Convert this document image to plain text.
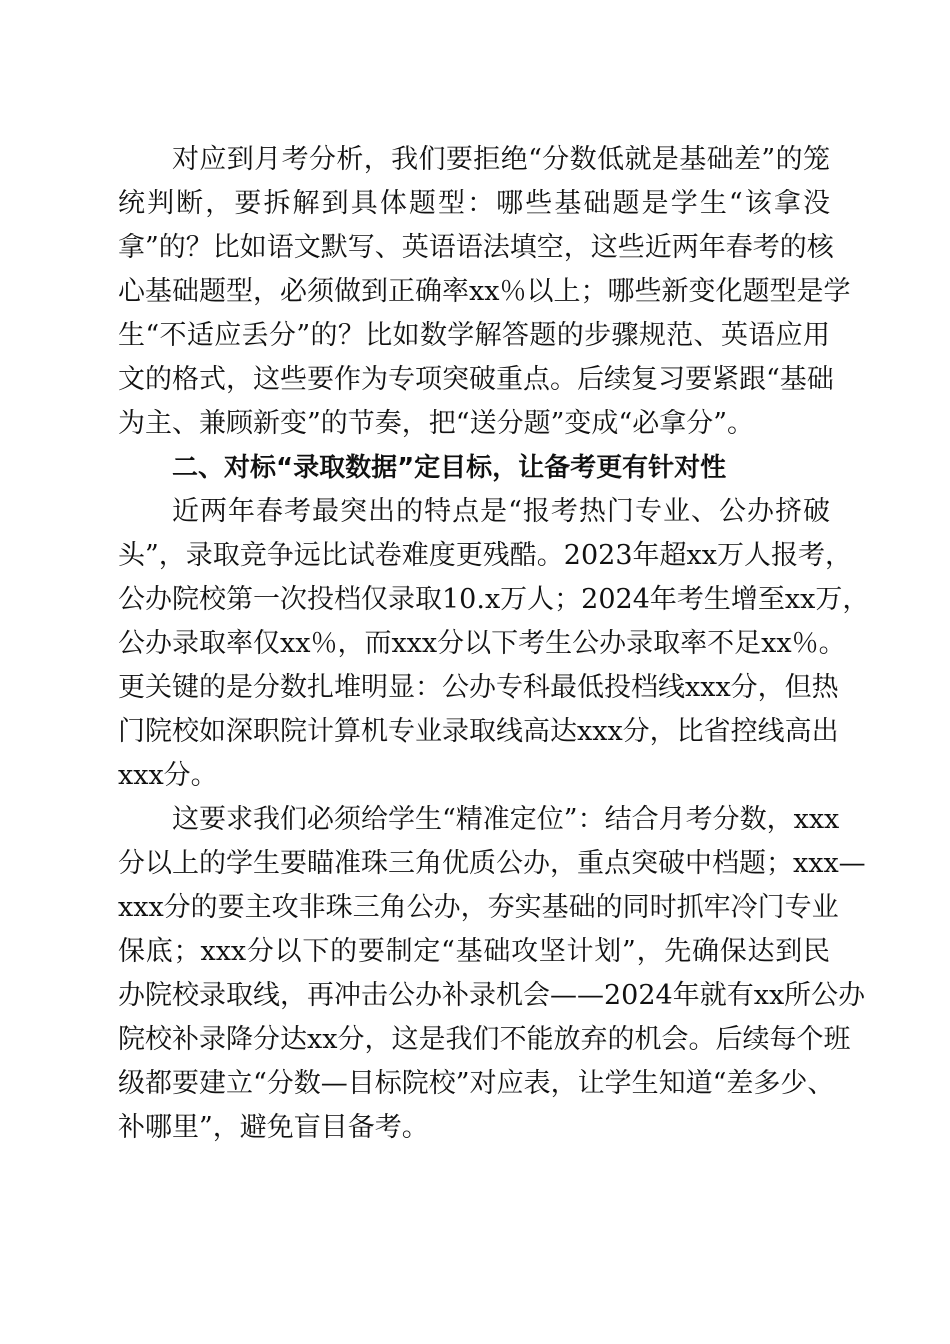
对应到月考分析，我们要拒绝“分数低就是基础差”的笼
统判断，要拆解到具体题型：哪些基础题是学生“该拿没
拿”的？比如语文默写、英语语法填空，这些近两年春考的核
心基础题型，必须做到正确率xx％以上；哪些新变化题型是学
生“不适应丢分”的？比如数学解答题的步骤规范、英语应用
文的格式，这些要作为专项突破重点。后续复习要紧跟“基础
为主、兼顾新变”的节奏，把“送分题”变成“必拿分”。
二、对标“录取数据”定目标，让备考更有针对性
近两年春考最突出的特点是“报考热门专业、公办挤破
头”，录取竞争远比试卷难度更残酷。2023年超xx万人报考，
公办院校第一次投档仅录取10.x万人；2024年考生增至xx万，
公办录取率仅xx％，而xxx分以下考生公办录取率不足xx％。
更关键的是分数扎堆明显：公办专科最低投档线xxx分，但热
门院校如深职院计算机专业录取线高达xxx分，比省控线高出
xxx分。
这要求我们必须给学生“精准定位”：结合月考分数，xxx
分以上的学生要瞄准珠三角优质公办，重点突破中档题；xxx—
xxx分的要主攻非珠三角公办，夯实基础的同时抓牢冷门专业
保底；xxx分以下的要制定“基础攻坚计划”，先确保达到民
办院校录取线，再冲击公办补录机会——2024年就有xx所公办
院校补录降分达xx分，这是我们不能放弃的机会。后续每个班
级都要建立“分数—目标院校”对应表，让学生知道“差多少、
补哪里”，避免盲目备考。
